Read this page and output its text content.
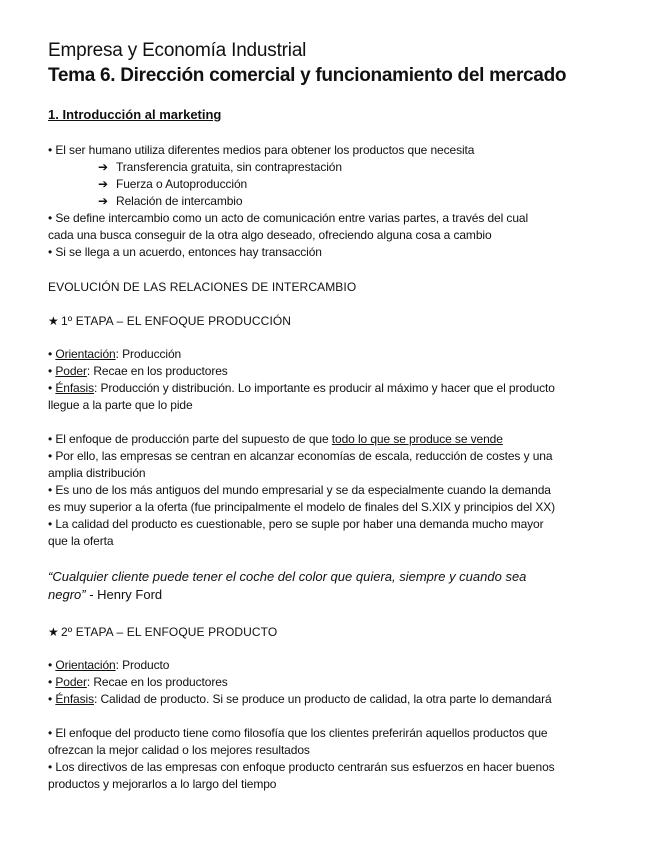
Empresa y Economía Industrial
Tema 6. Dirección comercial y funcionamiento del mercado
1. Introducción al marketing
• El ser humano utiliza diferentes medios para obtener los productos que necesita
➔ Transferencia gratuita, sin contraprestación
➔ Fuerza o Autoproducción
➔ Relación de intercambio
• Se define intercambio como un acto de comunicación entre varias partes, a través del cual
cada una busca conseguir de la otra algo deseado, ofreciendo alguna cosa a cambio
• Si se llega a un acuerdo, entonces hay transacción
EVOLUCIÓN DE LAS RELACIONES DE INTERCAMBIO
★ 1º ETAPA – EL ENFOQUE PRODUCCIÓN
• Orientación: Producción
• Poder: Recae en los productores
• Énfasis: Producción y distribución. Lo importante es producir al máximo y hacer que el producto
llegue a la parte que lo pide
• El enfoque de producción parte del supuesto de que todo lo que se produce se vende
• Por ello, las empresas se centran en alcanzar economías de escala, reducción de costes y una
amplia distribución
• Es uno de los más antiguos del mundo empresarial y se da especialmente cuando la demanda
es muy superior a la oferta (fue principalmente el modelo de finales del S.XIX y principios del XX)
• La calidad del producto es cuestionable, pero se suple por haber una demanda mucho mayor
que la oferta
“Cualquier cliente puede tener el coche del color que quiera, siempre y cuando sea
negro” - Henry Ford
★ 2º ETAPA – EL ENFOQUE PRODUCTO
• Orientación: Producto
• Poder: Recae en los productores
• Énfasis: Calidad de producto. Si se produce un producto de calidad, la otra parte lo demandará
• El enfoque del producto tiene como filosofía que los clientes preferirán aquellos productos que
ofrezcan la mejor calidad o los mejores resultados
• Los directivos de las empresas con enfoque producto centrarán sus esfuerzos en hacer buenos
productos y mejorarlos a lo largo del tiempo
